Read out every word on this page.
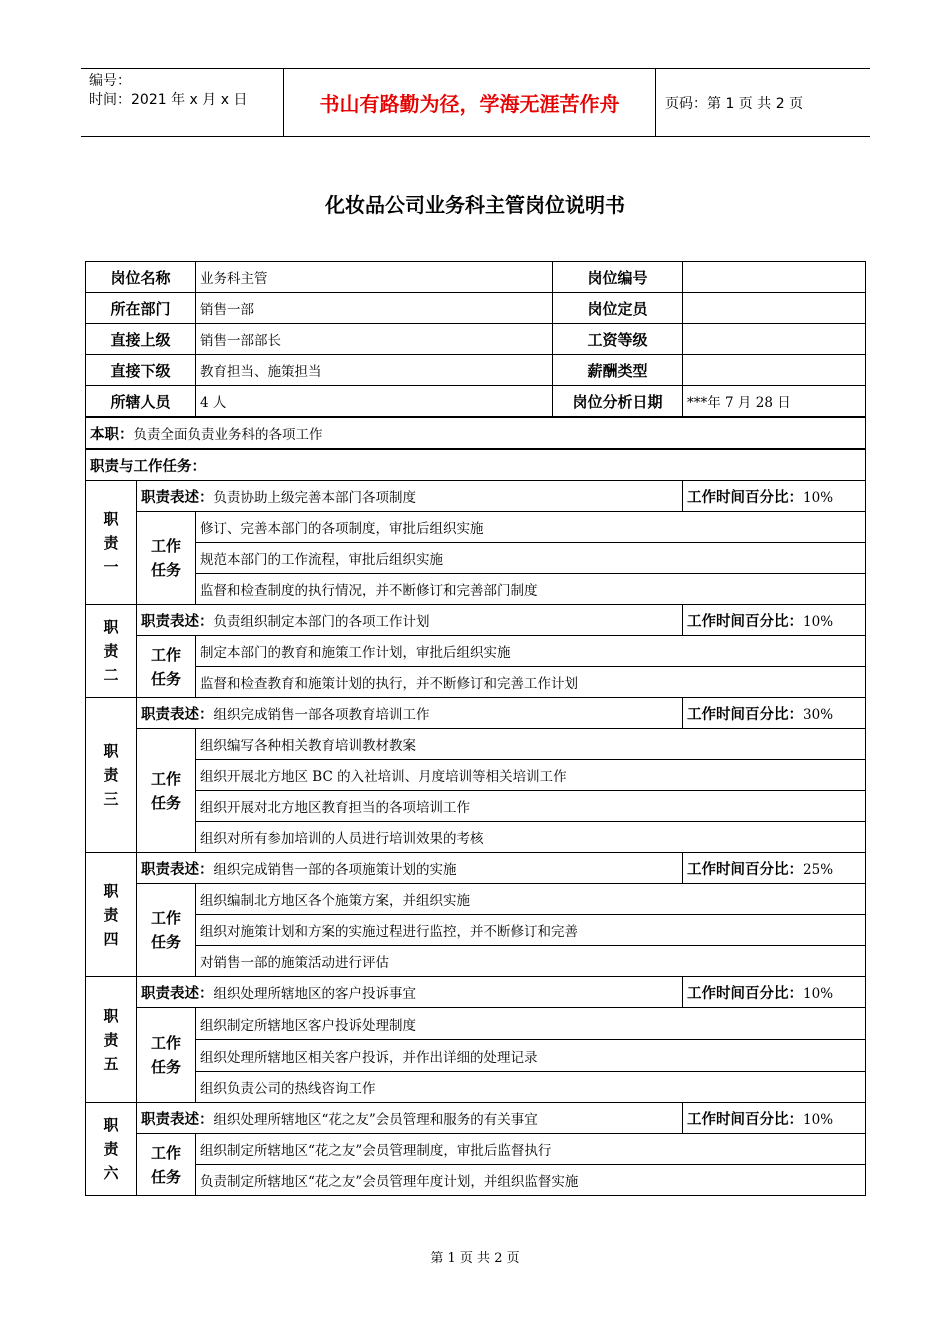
编号：
时间：2021 年 x 月 x 日	书山有路勤为径，学海无涯苦作舟	页码：第 1 页 共 2 页
化妆品公司业务科主管岗位说明书
岗位名称		业务科主管	岗位编号	
所在部门		销售一部	岗位定员	
直接上级		销售一部部长	工资等级	
直接下级		教育担当、施策担当	薪酬类型	
所辖人员		4 人	岗位分析日期	***年 7 月 28 日
本职：负责全面负责业务科的各项工作				
职责与工作任务：				
职责一	职责表述：负责协助上级完善本部门各项制度			工作时间百分比：10%
	工作任务	修订、完善本部门的各项制度，审批后组织实施		
		规范本部门的工作流程，审批后组织实施		
		监督和检查制度的执行情况，并不断修订和完善部门制度		
职责二	职责表述：负责组织制定本部门的各项工作计划			工作时间百分比：10%
	工作任务	制定本部门的教育和施策工作计划，审批后组织实施		
		监督和检查教育和施策计划的执行，并不断修订和完善工作计划		
职责三	职责表述：组织完成销售一部各项教育培训工作			工作时间百分比：30%
	工作任务	组织编写各种相关教育培训教材教案		
		组织开展北方地区 BC 的入社培训、月度培训等相关培训工作		
		组织开展对北方地区教育担当的各项培训工作		
		组织对所有参加培训的人员进行培训效果的考核		
职责四	职责表述：组织完成销售一部的各项施策计划的实施			工作时间百分比：25%
	工作任务	组织编制北方地区各个施策方案，并组织实施		
		组织对施策计划和方案的实施过程进行监控，并不断修订和完善		
		对销售一部的施策活动进行评估		
职责五	职责表述：组织处理所辖地区的客户投诉事宜			工作时间百分比：10%
	工作任务	组织制定所辖地区客户投诉处理制度		
		组织处理所辖地区相关客户投诉，并作出详细的处理记录		
		组织负责公司的热线咨询工作		
职责六	职责表述：组织处理所辖地区“花之友”会员管理和服务的有关事宜			工作时间百分比：10%
	工作任务	组织制定所辖地区“花之友”会员管理制度，审批后监督执行		
		负责制定所辖地区“花之友”会员管理年度计划，并组织监督实施		
第 1 页 共 2 页
